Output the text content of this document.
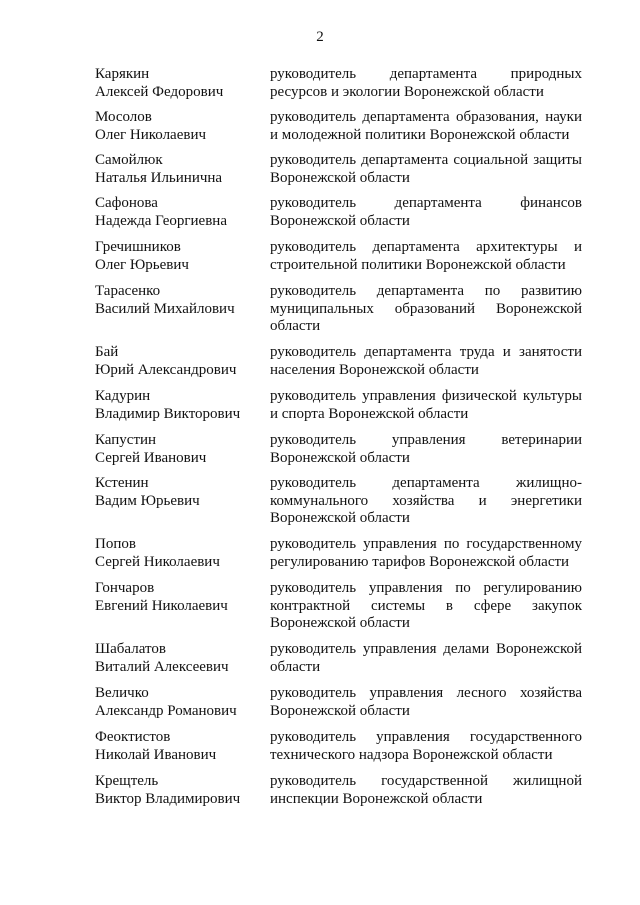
2
Карякин
Алексей Федорович
руководитель департамента природных ресурсов и экологии Воронежской области
Мосолов
Олег Николаевич
руководитель департамента образования, науки и молодежной политики Воронежской области
Самойлюк
Наталья Ильинична
руководитель департамента социальной защиты Воронежской области
Сафонова
Надежда Георгиевна
руководитель департамента финансов Воронежской области
Гречишников
Олег Юрьевич
руководитель департамента архитектуры и строительной политики Воронежской области
Тарасенко
Василий Михайлович
руководитель департамента по развитию муниципальных образований Воронежской области
Бай
Юрий Александрович
руководитель департамента труда и занятости населения Воронежской области
Кадурин
Владимир Викторович
руководитель управления физической культуры и спорта Воронежской области
Капустин
Сергей Иванович
руководитель управления ветеринарии Воронежской области
Кстенин
Вадим Юрьевич
руководитель департамента жилищно-коммунального хозяйства и энергетики Воронежской области
Попов
Сергей Николаевич
руководитель управления по государственному регулированию тарифов Воронежской области
Гончаров
Евгений Николаевич
руководитель управления по регулированию контрактной системы в сфере закупок Воронежской области
Шабалатов
Виталий Алексеевич
руководитель управления делами Воронежской области
Величко
Александр Романович
руководитель управления лесного хозяйства Воронежской области
Феоктистов
Николай Иванович
руководитель управления государственного технического надзора Воронежской области
Крещтель
Виктор Владимирович
руководитель государственной жилищной инспекции Воронежской области
